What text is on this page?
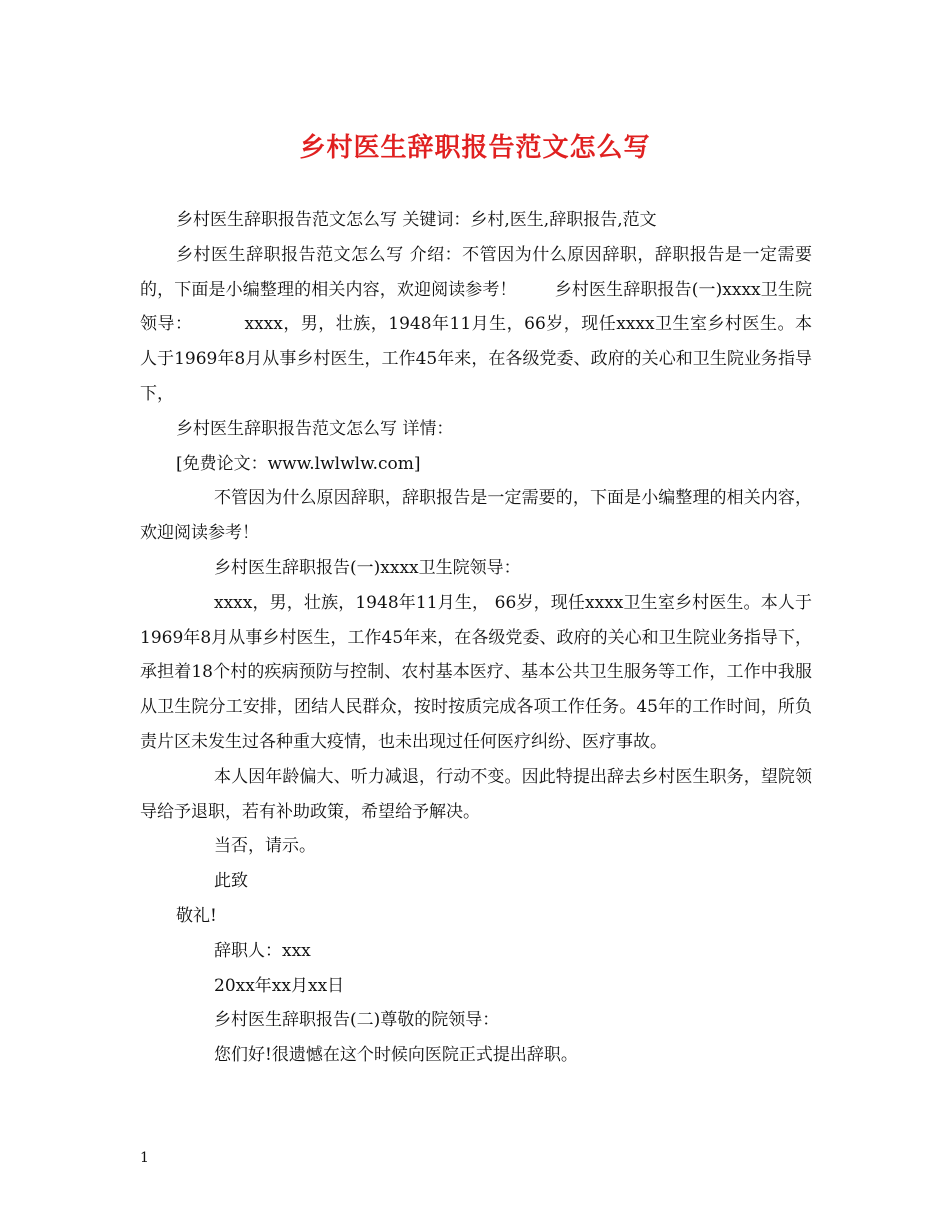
乡村医生辞职报告范文怎么写

乡村医生辞职报告范文怎么写 关键词：乡村,医生,辞职报告,范文

乡村医生辞职报告范文怎么写 介绍：不管因为什么原因辞职，辞职报告是一定需要的，下面是小编整理的相关内容，欢迎阅读参考！ 乡村医生辞职报告(一)xxxx卫生院领导：	xxxx，男，壮族，1948年11月生，66岁，现任xxxx卫生室乡村医生。本人于1969年8月从事乡村医生，工作45年来，在各级党委、政府的关心和卫生院业务指导下，

乡村医生辞职报告范文怎么写 详情：

[免费论文：www.lwlwlw.com]

不管因为什么原因辞职，辞职报告是一定需要的，下面是小编整理的相关内容，欢迎阅读参考！

乡村医生辞职报告(一)xxxx卫生院领导：

xxxx，男，壮族，1948年11月生， 66岁，现任xxxx卫生室乡村医生。本人于1969年8月从事乡村医生，工作45年来，在各级党委、政府的关心和卫生院业务指导下，承担着18个村的疾病预防与控制、农村基本医疗、基本公共卫生服务等工作，工作中我服从卫生院分工安排，团结人民群众，按时按质完成各项工作任务。45年的工作时间，所负责片区未发生过各种重大疫情，也未出现过任何医疗纠纷、医疗事故。

本人因年龄偏大、听力减退，行动不变。因此特提出辞去乡村医生职务，望院领导给予退职，若有补助政策，希望给予解决。

当否，请示。

此致

敬礼!

辞职人：xxx

20xx年xx月xx日

乡村医生辞职报告(二)尊敬的院领导：

您们好!很遗憾在这个时候向医院正式提出辞职。

1
